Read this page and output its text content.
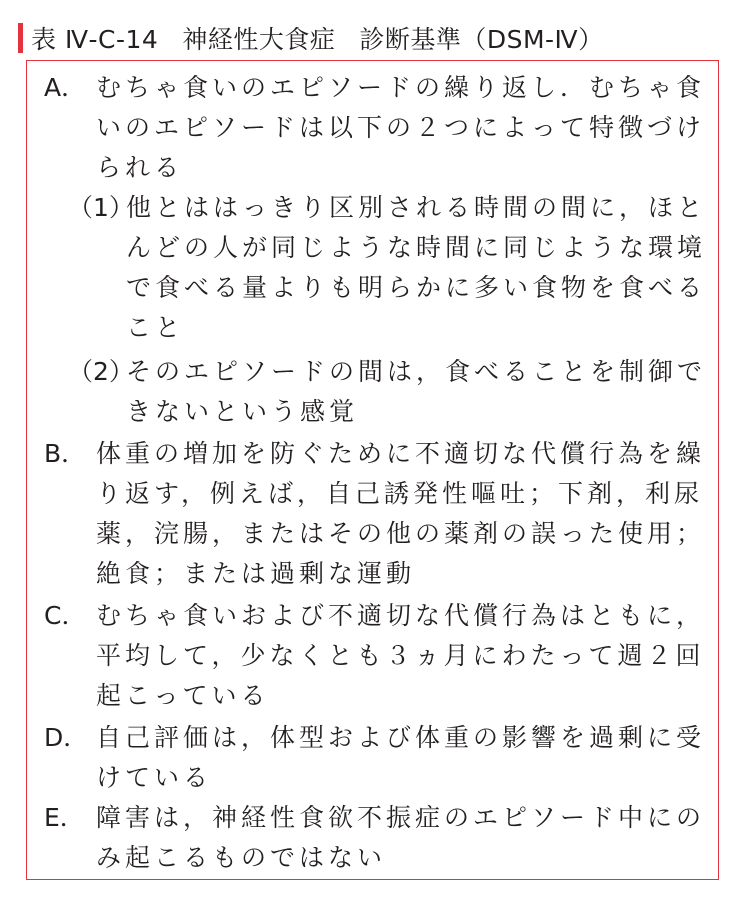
表 Ⅳ-C-14 神経性大食症 診断基準（DSM-Ⅳ）
A． むちゃ食いのエピソードの繰り返し．むちゃ食
いのエピソードは以下の２つによって特徴づけ
られる
（1）
他とははっきり区別される時間の間に，ほと
んどの人が同じような時間に同じような環境
で食べる量よりも明らかに多い食物を食べる
こと
（2）
そのエピソードの間は，食べることを制御で
きないという感覚
B． 体重の増加を防ぐために不適切な代償行為を繰
り返す，例えば，自己誘発性嘔吐；下剤，利尿
薬，浣腸，またはその他の薬剤の誤った使用；
絶食；または過剰な運動
C． むちゃ食いおよび不適切な代償行為はともに，
平均して，少なくとも３ヵ月にわたって週２回
起こっている
D． 自己評価は，体型および体重の影響を過剰に受
けている
E． 障害は，神経性食欲不振症のエピソード中にの
み起こるものではない
